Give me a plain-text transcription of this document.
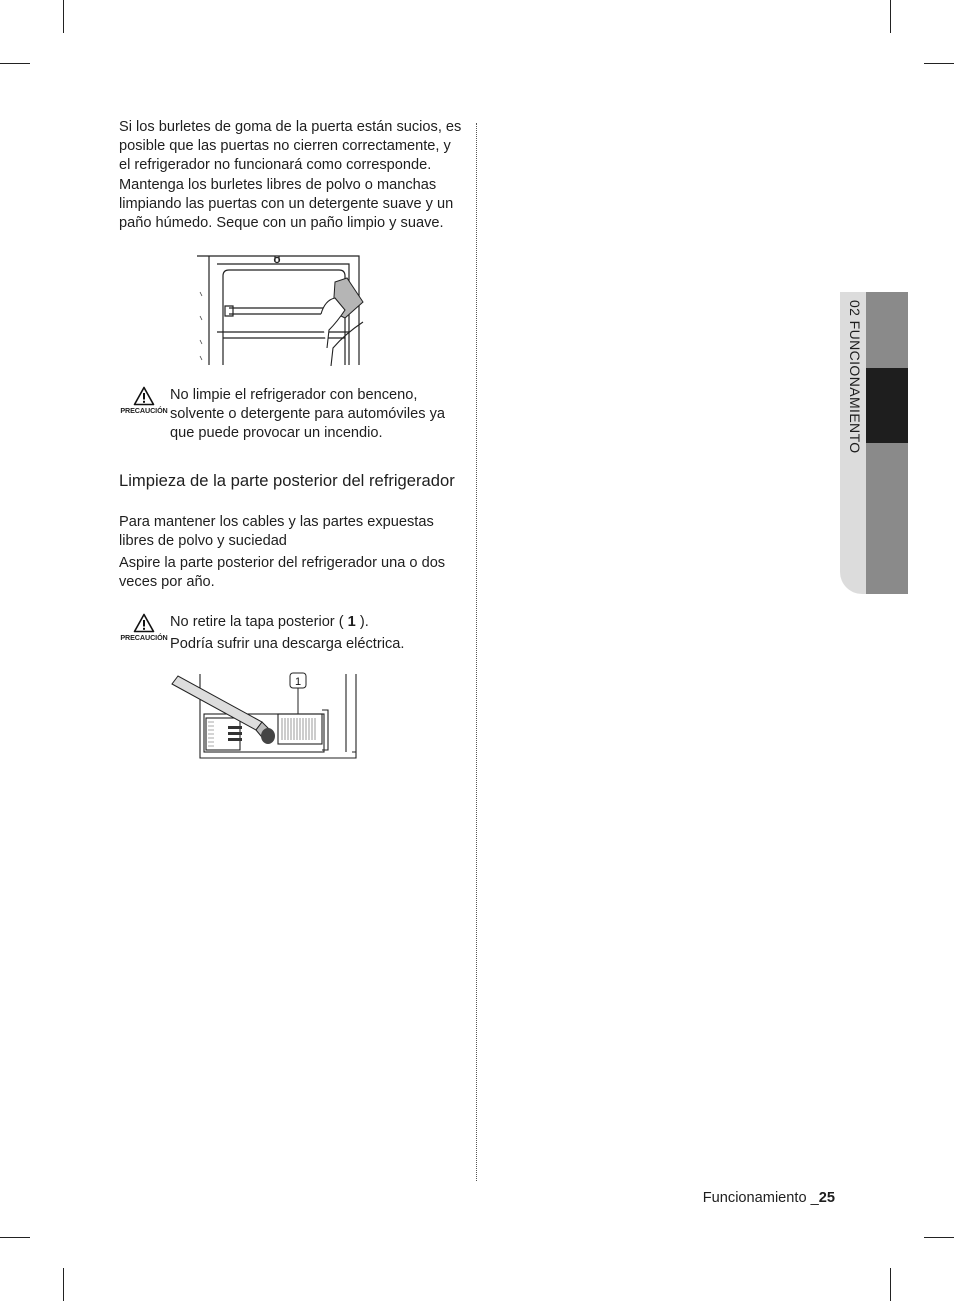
Si los burletes de goma de la puerta están sucios, es posible que las puertas no cierren correctamente, y el refrigerador no funcionará como corresponde. Mantenga los burletes libres de polvo o manchas limpiando las puertas con un detergente suave y un paño húmedo. Seque con un paño limpio y suave.

PRECAUCIÓN
No limpie el refrigerador con benceno, solvente o detergente para automóviles ya que puede provocar un incendio.
Limpieza de la parte posterior del refrigerador

Para mantener los cables y las partes expuestas libres de polvo y suciedad

Aspire la parte posterior del refrigerador una o dos veces por año.

PRECAUCIÓN
No retire la tapa posterior ( 1 ).
Podría sufrir una descarga eléctrica.
1
02 FUNCIONAMIENTO
Funcionamiento _25
